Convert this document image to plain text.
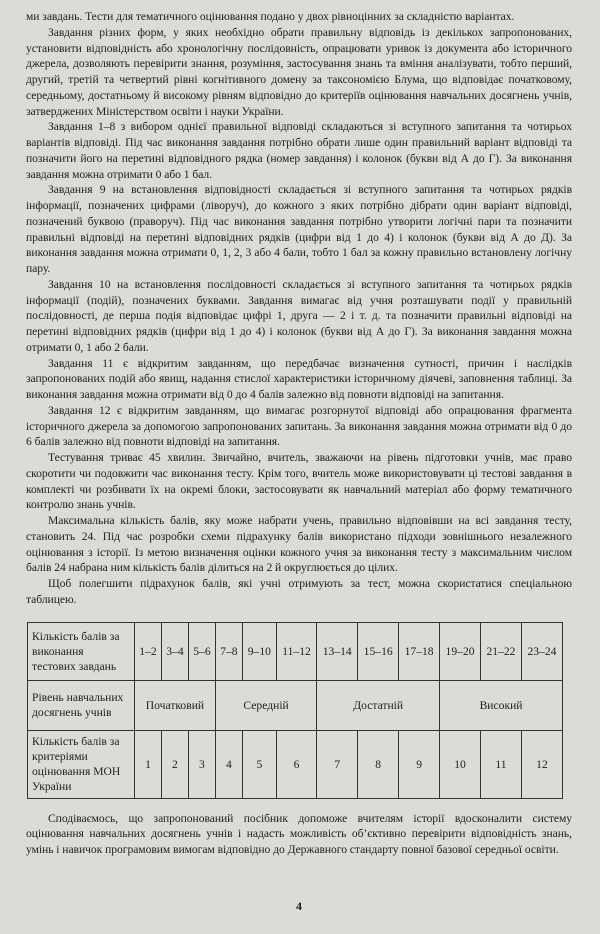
ми завдань. Тести для тематичного оцінювання подано у двох рівноцінних за складністю варіантах.

Завдання різних форм, у яких необхідно обрати правильну відповідь із декількох запропонованих, установити відповідність або хронологічну послідовність, опрацювати уривок із документа або історичного джерела, дозволяють перевірити знання, розуміння, застосування знань та вміння аналізувати, тобто перший, другий, третій та четвертий рівні когнітивного домену за таксономією Блума, що відповідає початковому, середньому, достатньому й високому рівням відповідно до критеріїв оцінювання навчальних досягнень учнів, затверджених Міністерством освіти і науки України.

Завдання 1–8 з вибором однієї правильної відповіді складаються зі вступного запитання та чотирьох варіантів відповіді. Під час виконання завдання потрібно обрати лише один правильний варіант відповіді та позначити його на перетині відповідного рядка (номер завдання) і колонок (букви від А до Г). За виконання завдання можна отримати 0 або 1 бал.

Завдання 9 на встановлення відповідності складається зі вступного запитання та чотирьох рядків інформації, позначених цифрами (ліворуч), до кожного з яких потрібно дібрати один варіант відповіді, позначений буквою (праворуч). Під час виконання завдання потрібно утворити логічні пари та позначити правильні відповіді на перетині відповідних рядків (цифри від 1 до 4) і колонок (букви від А до Д). За виконання завдання можна отримати 0, 1, 2, 3 або 4 бали, тобто 1 бал за кожну правильно встановлену логічну пару.

Завдання 10 на встановлення послідовності складається зі вступного запитання та чотирьох рядків інформації (подій), позначених буквами. Завдання вимагає від учня розташувати події у правильній послідовності, де перша подія відповідає цифрі 1, друга — 2 і т. д. та позначити правильні відповіді на перетині відповідних рядків (цифри від 1 до 4) і колонок (букви від А до Г). За виконання завдання можна отримати 0, 1 або 2 бали.

Завдання 11 є відкритим завданням, що передбачає визначення сутності, причин і наслідків запропонованих подій або явищ, надання стислої характеристики історичному діячеві, заповнення таблиці. За виконання завдання можна отримати від 0 до 4 балів залежно від повноти відповіді на запитання.

Завдання 12 є відкритим завданням, що вимагає розгорнутої відповіді або опрацювання фрагмента історичного джерела за допомогою запропонованих запитань. За виконання завдання можна отримати від 0 до 6 балів залежно від повноти відповіді на запитання.

Тестування триває 45 хвилин. Звичайно, вчитель, зважаючи на рівень підготовки учнів, має право скоротити чи подовжити час виконання тесту. Крім того, вчитель може використовувати ці тестові завдання в комплекті чи розбивати їх на окремі блоки, застосовувати як навчальний матеріал або форму тематичного контролю знань учнів.

Максимальна кількість балів, яку може набрати учень, правильно відповівши на всі завдання тесту, становить 24. Під час розробки схеми підрахунку балів використано підходи зовнішнього незалежного оцінювання з історії. Із метою визначення оцінки кожного учня за виконання тесту з максимальним числом балів 24 набрана ним кількість балів ділиться на 2 й округлюється до цілих.

Щоб полегшити підрахунок балів, які учні отримують за тест, можна скористатися спеціальною таблицею.

Кількість балів за виконання тестових завдань	1–2	3–4	5–6	7–8	9–10	11–12	13–14	15–16	17–18	19–20	21–22	23–24
Рівень навчальних досягнень учнів	Початковий			Середній			Достатній			Високий		
Кількість балів за критеріями оцінювання МОН України	1	2	3	4	5	6	7	8	9	10	11	12

Сподіваємось, що запропонований посібник допоможе вчителям історії вдосконалити систему оцінювання навчальних досягнень учнів і надасть можливість об’єктивно перевірити відповідність знань, умінь і навичок програмовим вимогам відповідно до Державного стандарту повної базової середньої освіти.

4
